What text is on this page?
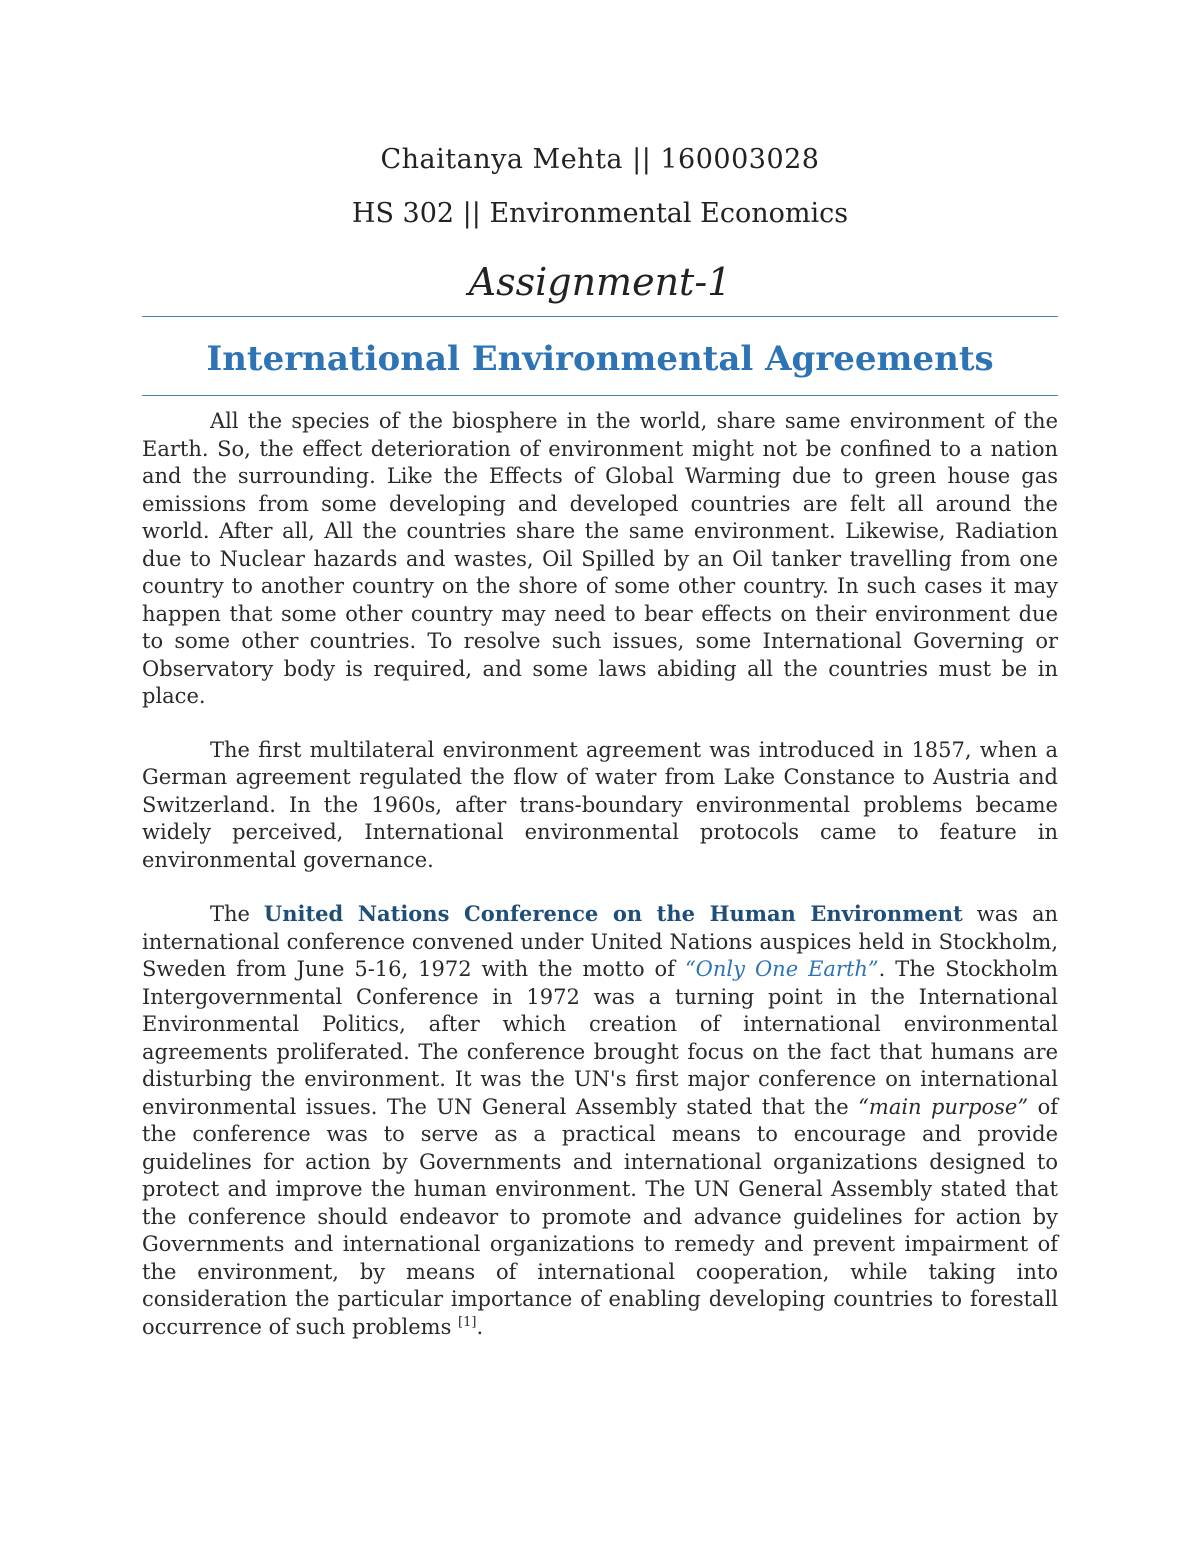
Chaitanya Mehta || 160003028

HS 302 || Environmental Economics

Assignment-1

International Environmental Agreements

All the species of the biosphere in the world, share same environment of the Earth. So, the effect deterioration of environment might not be confined to a nation and the surrounding. Like the Effects of Global Warming due to green house gas emissions from some developing and developed countries are felt all around the world. After all, All the countries share the same environment. Likewise, Radiation due to Nuclear hazards and wastes, Oil Spilled by an Oil tanker travelling from one country to another country on the shore of some other country. In such cases it may happen that some other country may need to bear effects on their environment due to some other countries. To resolve such issues, some International Governing or Observatory body is required, and some laws abiding all the countries must be in place.

The first multilateral environment agreement was introduced in 1857, when a German agreement regulated the flow of water from Lake Constance to Austria and Switzerland. In the 1960s, after trans-boundary environmental problems became widely perceived, International environmental protocols came to feature in environmental governance.

The United Nations Conference on the Human Environment was an international conference convened under United Nations auspices held in Stockholm, Sweden from June 5-16, 1972 with the motto of “Only One Earth”. The Stockholm Intergovernmental Conference in 1972 was a turning point in the International Environmental Politics, after which creation of international environmental agreements proliferated. The conference brought focus on the fact that humans are disturbing the environment. It was the UN's first major conference on international environmental issues. The UN General Assembly stated that the “main purpose” of the conference was to serve as a practical means to encourage and provide guidelines for action by Governments and international organizations designed to protect and improve the human environment. The UN General Assembly stated that the conference should endeavor to promote and advance guidelines for action by Governments and international organizations to remedy and prevent impairment of the environment, by means of international cooperation, while taking into consideration the particular importance of enabling developing countries to forestall occurrence of such problems [1].
